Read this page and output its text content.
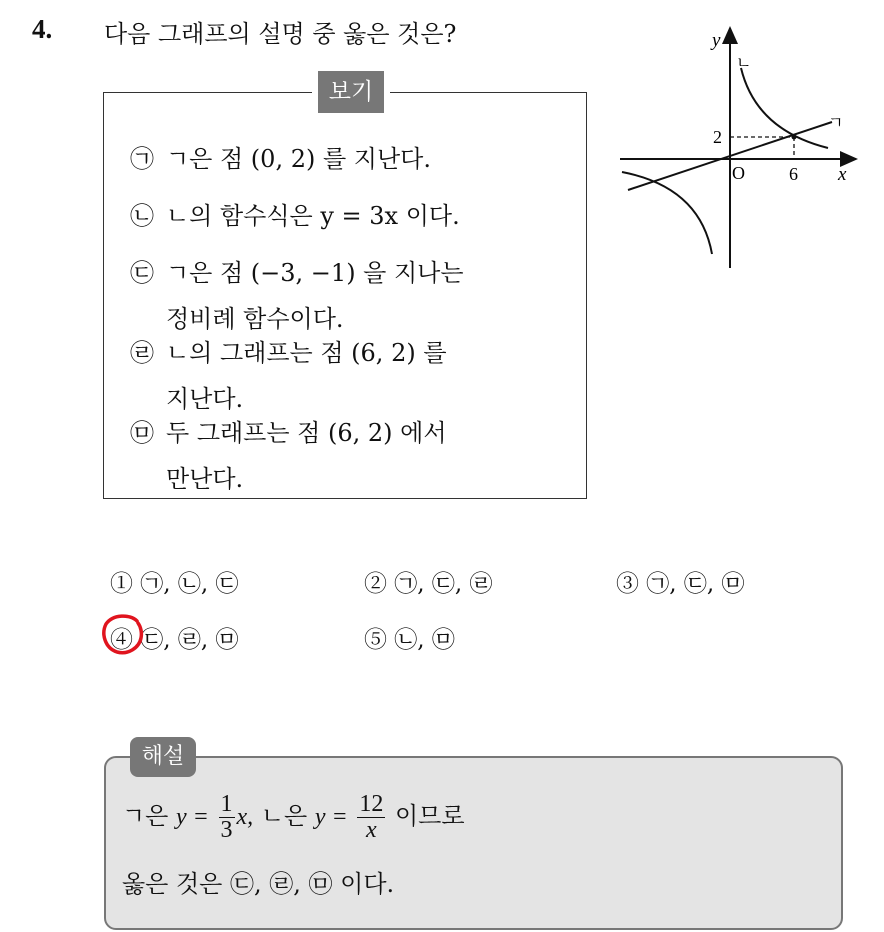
4. 다음 그래프의 설명 중 옳은 것은?	y
x
O 6
2
ㄱ
ㄴ
보기
㉠ ㄱ은 점 (0, 2) 를 지난다.
㉡ ㄴ의 함수식은 y = 3x 이다.
㉢ ㄱ은 점 (−3, −1) 을 지나는
정비례 함수이다.
㉣ ㄴ의 그래프는 점 (6, 2) 를
지난다.
㉤ 두 그래프는 점 (6, 2) 에서
만난다.
① ㉠, ㉡, ㉢	② ㉠, ㉢, ㉣	③ ㉠, ㉢, ㉤
④ ㉢, ㉣, ㉤	⑤ ㉡, ㉤
해설
ㄱ은 $y = \frac{1}{3} x$, ㄴ은 $y = \frac{12}{x}$ 이므로
옳은 것은 ㉢, ㉣, ㉤ 이다.
